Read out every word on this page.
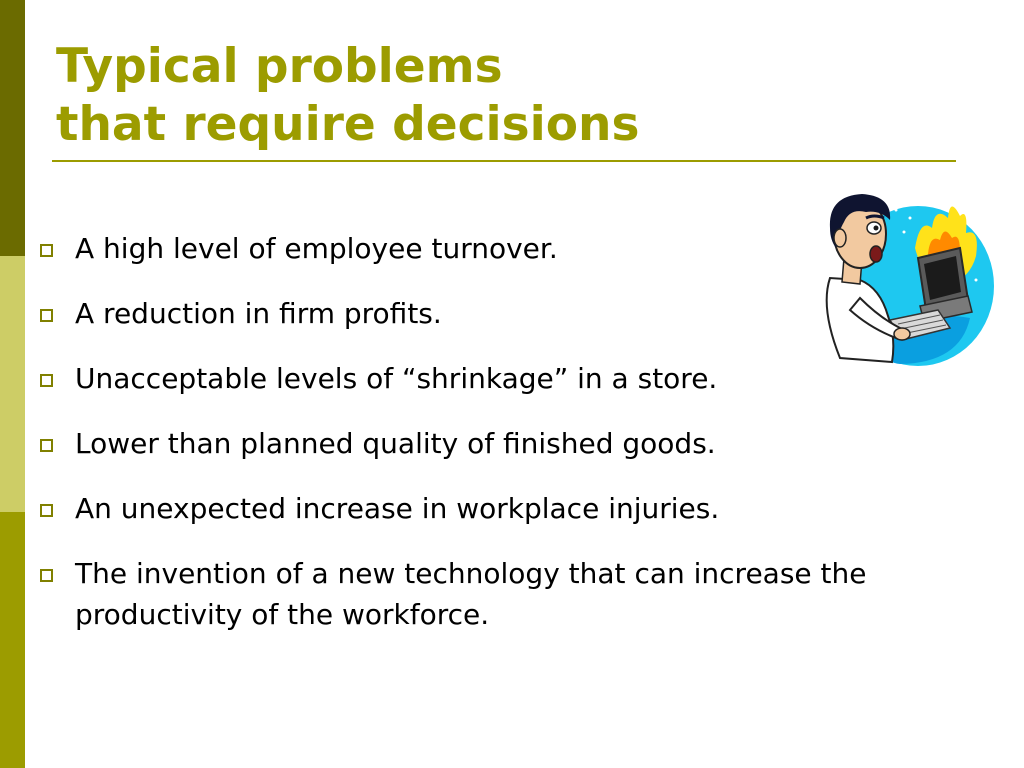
Typical problems
that require decisions
A high level of employee turnover.
A reduction in firm profits.
Unacceptable levels of “shrinkage” in a store.
Lower than planned quality of finished goods.
An unexpected increase in workplace injuries.
The invention of a new technology that can increase the productivity of the workforce.
